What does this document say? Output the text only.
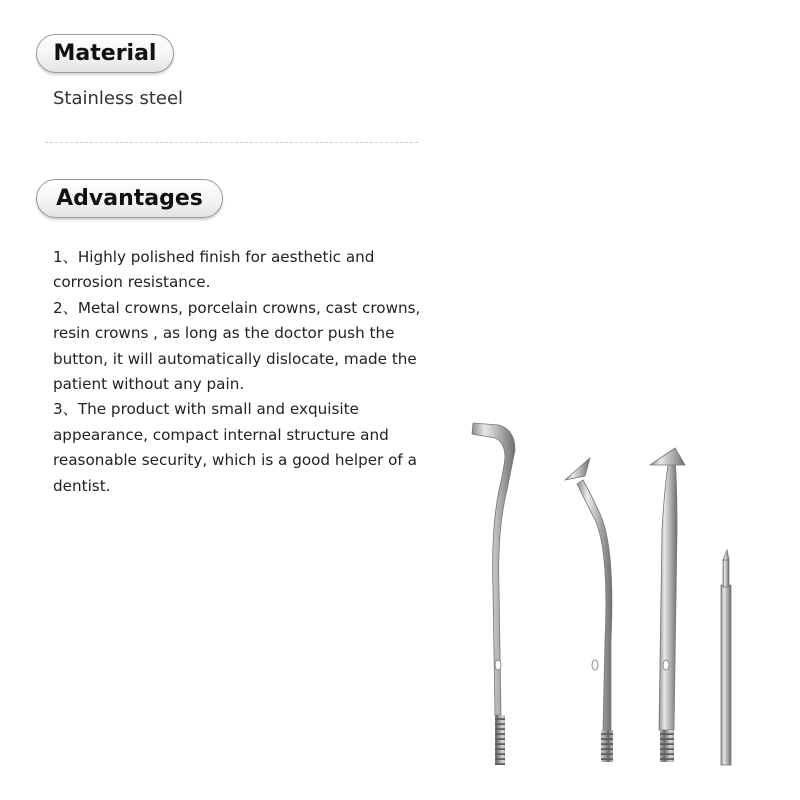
Material

Stainless steel

Advantages

1、Highly polished finish for aesthetic and corrosion resistance.

2、Metal crowns, porcelain crowns, cast crowns, resin crowns , as long as the doctor push the button, it will automatically dislocate, made the patient without any pain.

3、The product with small and exquisite appearance, compact internal structure and reasonable security, which is a good helper of a dentist.
